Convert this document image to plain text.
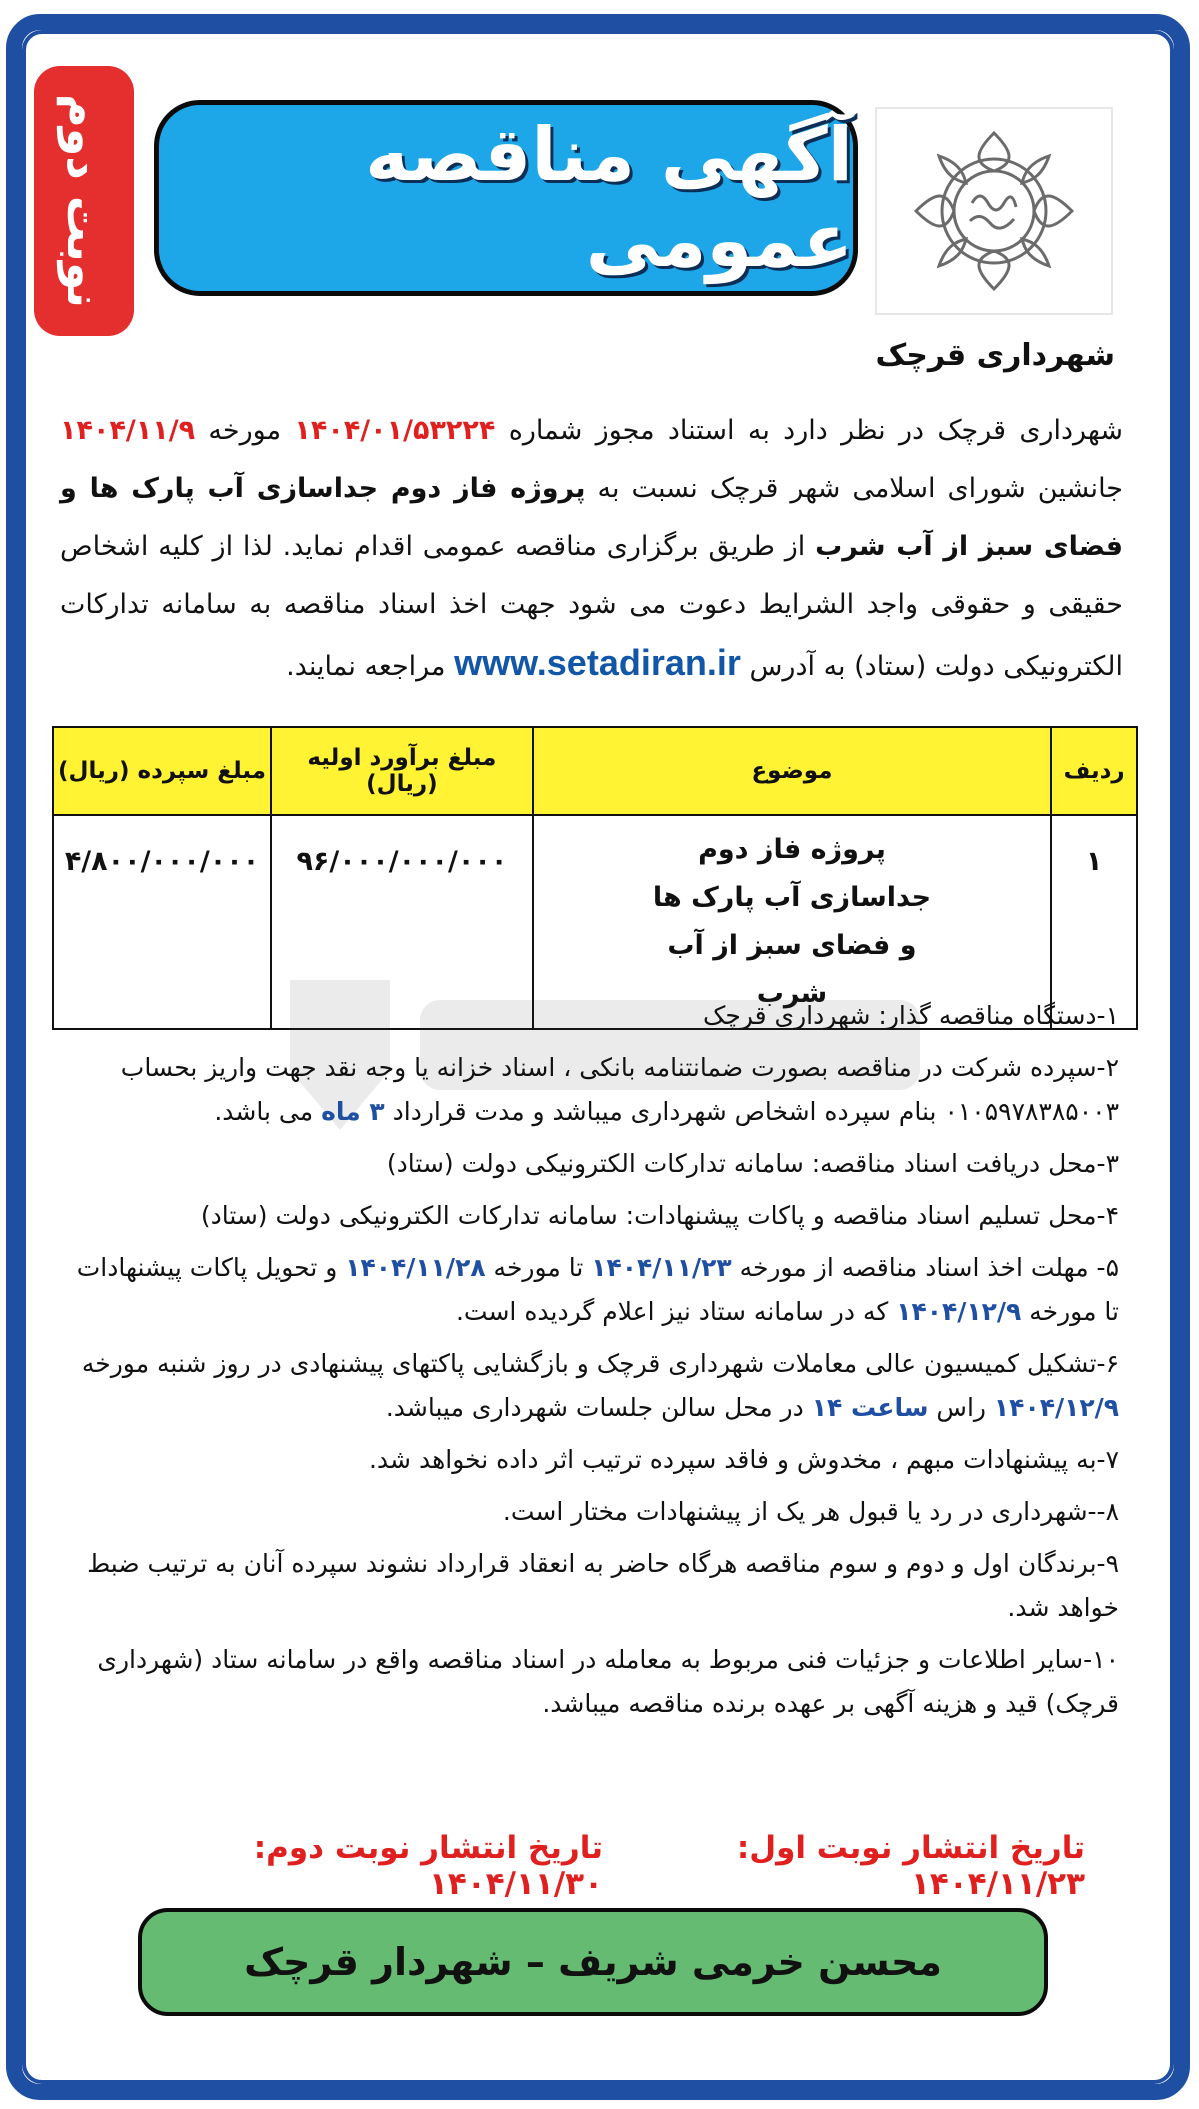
آگهی مناقصه عمومی
نوبت دوم
شهرداری قرچک
شهرداری قرچک در نظر دارد به استناد مجوز شماره ۱۴۰۴/۰۱/۵۳۲۲۴ مورخه ۱۴۰۴/۱۱/۹ جانشین شورای اسلامی شهر قرچک نسبت به پروژه فاز دوم جداسازی آب پارک ها و فضای سبز از آب شرب از طریق برگزاری مناقصه عمومی اقدام نماید. لذا از کلیه اشخاص حقیقی و حقوقی واجد الشرایط دعوت می شود جهت اخذ اسناد مناقصه به سامانه تدارکات الکترونیکی دولت (ستاد) به آدرس www.setadiran.ir مراجعه نمایند.
ردیف	موضوع	مبلغ برآورد اولیه (ریال)	مبلغ سپرده (ریال)
۱	پروژه فاز دوم جداسازی آب پارک ها و فضای سبز از آب شرب	۹۶/۰۰۰/۰۰۰/۰۰۰	۴/۸۰۰/۰۰۰/۰۰۰
۱-دستگاه مناقصه گذار: شهرداری قرچک
۲-سپرده شرکت در مناقصه بصورت ضمانتنامه بانکی ، اسناد خزانه یا وجه نقد جهت واریز بحساب ۰۱۰۵۹۷۸۳۸۵۰۰۳ بنام سپرده اشخاص شهرداری میباشد و مدت قرارداد ۳ ماه می باشد.
۳-محل دریافت اسناد مناقصه: سامانه تدارکات الکترونیکی دولت (ستاد)
۴-محل تسلیم اسناد مناقصه و پاکات پیشنهادات: سامانه تدارکات الکترونیکی دولت (ستاد)
۵- مهلت اخذ اسناد مناقصه از مورخه ۱۴۰۴/۱۱/۲۳ تا مورخه ۱۴۰۴/۱۱/۲۸ و تحویل پاکات پیشنهادات تا مورخه ۱۴۰۴/۱۲/۹ که در سامانه ستاد نیز اعلام گردیده است.
۶-تشکیل کمیسیون عالی معاملات شهرداری قرچک و بازگشایی پاکتهای پیشنهادی در روز شنبه مورخه ۱۴۰۴/۱۲/۹ راس ساعت ۱۴ در محل سالن جلسات شهرداری میباشد.
۷-به پیشنهادات مبهم ، مخدوش و فاقد سپرده ترتیب اثر داده نخواهد شد.
۸--شهرداری در رد یا قبول هر یک از پیشنهادات مختار است.
۹-برندگان اول و دوم و سوم مناقصه هرگاه حاضر به انعقاد قرارداد نشوند سپرده آنان به ترتیب ضبط خواهد شد.
۱۰-سایر اطلاعات و جزئیات فنی مربوط به معامله در اسناد مناقصه واقع در سامانه ستاد (شهرداری قرچک) قید و هزینه آگهی بر عهده برنده مناقصه میباشد.
تاریخ انتشار نوبت اول: ۱۴۰۴/۱۱/۲۳
تاریخ انتشار نوبت دوم: ۱۴۰۴/۱۱/۳۰
محسن خرمی شریف – شهردار قرچک
